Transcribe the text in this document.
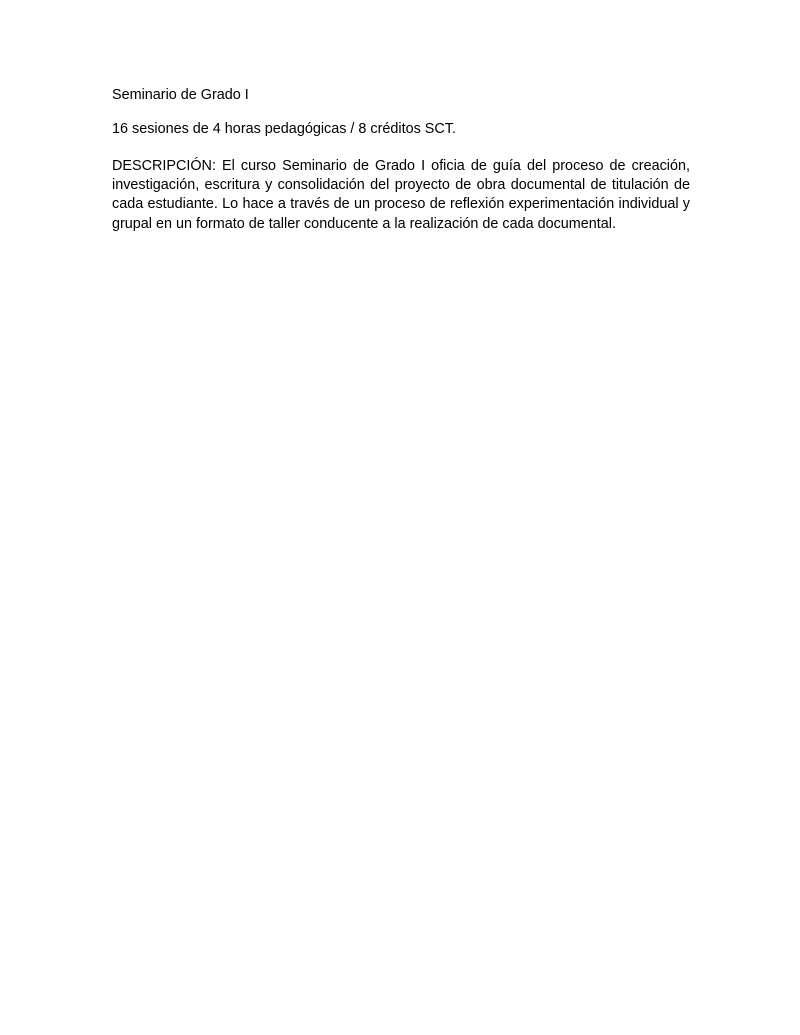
Seminario de Grado I

16 sesiones de 4 horas pedagógicas / 8 créditos SCT.

DESCRIPCIÓN: El curso Seminario de Grado I oficia de guía del proceso de creación, investigación, escritura y consolidación del proyecto de obra documental de titulación de cada estudiante. Lo hace a través de un proceso de reflexión experimentación individual y grupal en un formato de taller conducente a la realización de cada documental.
